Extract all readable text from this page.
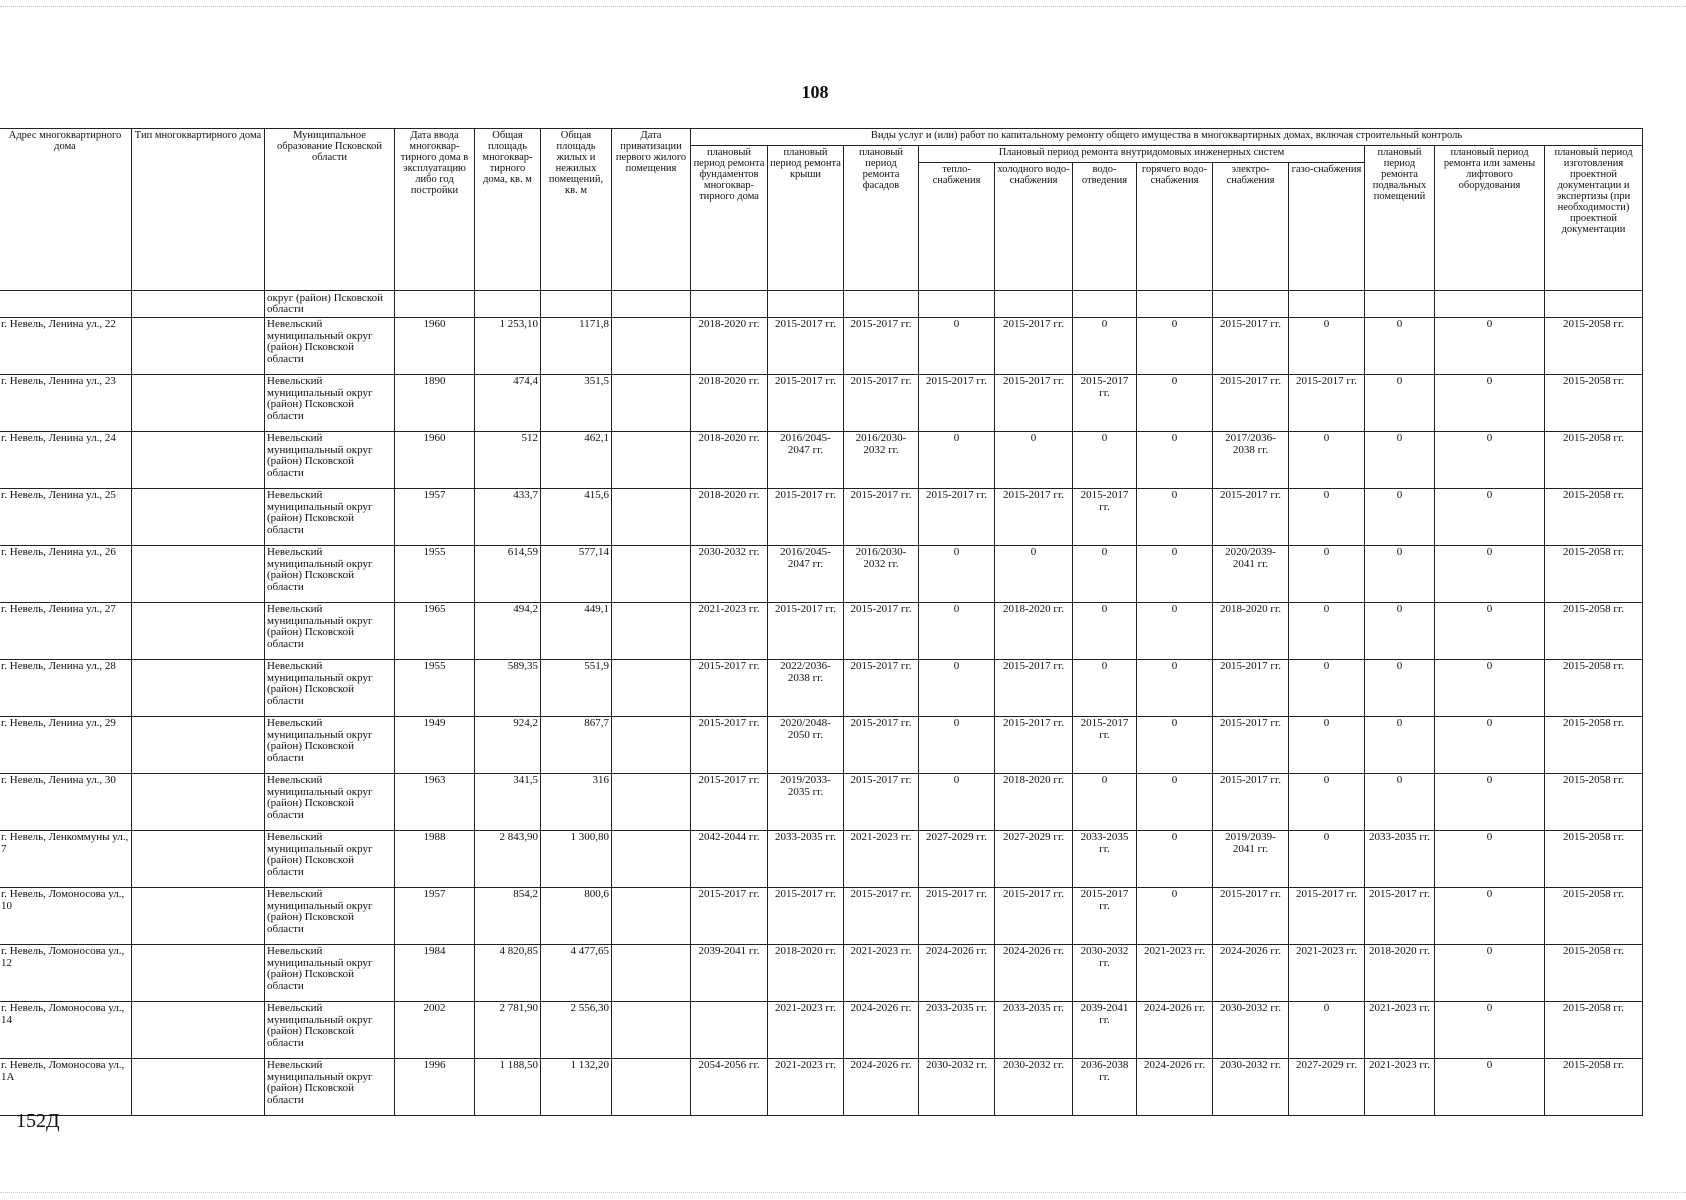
108
Адрес многоквартирного дома	Тип многоквартирного дома	Муниципальное образование Псковской области	Дата ввода многоквар-тирного дома в эксплуатацию либо год постройки	Общая площадь многоквар-тирного дома, кв. м	Общая площадь жилых и нежилых помещений, кв. м	Дата приватизации первого жилого помещения	Виды услуг и (или) работ по капитальному ремонту общего имущества в многоквартирных домах, включая строительный контроль											
							плановый период ремонта фундаментов многоквар-тирного дома	плановый период ремонта крыши	плановый период ремонта фасадов	Плановый период ремонта внутридомовых инженерных систем						плановый период ремонта подвальных помещений	плановый период ремонта или замены лифтового оборудования	плановый период изготовления проектной документации и экспертизы (при необходимости) проектной документации
										тепло-снабжения	холодного водо-снабжения	водо-отведения	горячего водо-снабжения	электро-снабжения	газо-снабжения			
		округ (район) Псковской области																
г. Невель, Ленина ул., 22		Невельский муниципальный округ (район) Псковской области	1960	1 253,10	1171,8		2018-2020 гг.	2015-2017 гг.	2015-2017 гг.	0	2015-2017 гг.	0	0	2015-2017 гг.	0	0	0	2015-2058 гг.
г. Невель, Ленина ул., 23		Невельский муниципальный округ (район) Псковской области	1890	474,4	351,5		2018-2020 гг.	2015-2017 гг.	2015-2017 гг.	2015-2017 гг.	2015-2017 гг.	2015-2017 гг.	0	2015-2017 гг.	2015-2017 гг.	0	0	2015-2058 гг.
г. Невель, Ленина ул., 24		Невельский муниципальный округ (район) Псковской области	1960	512	462,1		2018-2020 гг.	2016/2045-2047 гг.	2016/2030-2032 гг.	0	0	0	0	2017/2036-2038 гг.	0	0	0	2015-2058 гг.
г. Невель, Ленина ул., 25		Невельский муниципальный округ (район) Псковской области	1957	433,7	415,6		2018-2020 гг.	2015-2017 гг.	2015-2017 гг.	2015-2017 гг.	2015-2017 гг.	2015-2017 гг.	0	2015-2017 гг.	0	0	0	2015-2058 гг.
г. Невель, Ленина ул., 26		Невельский муниципальный округ (район) Псковской области	1955	614,59	577,14		2030-2032 гг.	2016/2045-2047 гг.	2016/2030-2032 гг.	0	0	0	0	2020/2039-2041 гг.	0	0	0	2015-2058 гг.
г. Невель, Ленина ул., 27		Невельский муниципальный округ (район) Псковской области	1965	494,2	449,1		2021-2023 гг.	2015-2017 гг.	2015-2017 гг.	0	2018-2020 гг.	0	0	2018-2020 гг.	0	0	0	2015-2058 гг.
г. Невель, Ленина ул., 28		Невельский муниципальный округ (район) Псковской области	1955	589,35	551,9		2015-2017 гг.	2022/2036-2038 гг.	2015-2017 гг.	0	2015-2017 гг.	0	0	2015-2017 гг.	0	0	0	2015-2058 гг.
г. Невель, Ленина ул., 29		Невельский муниципальный округ (район) Псковской области	1949	924,2	867,7		2015-2017 гг.	2020/2048-2050 гг.	2015-2017 гг.	0	2015-2017 гг.	2015-2017 гг.	0	2015-2017 гг.	0	0	0	2015-2058 гг.
г. Невель, Ленина ул., 30		Невельский муниципальный округ (район) Псковской области	1963	341,5	316		2015-2017 гг.	2019/2033-2035 гг.	2015-2017 гг.	0	2018-2020 гг.	0	0	2015-2017 гг.	0	0	0	2015-2058 гг.
г. Невель, Ленкоммуны ул., 7		Невельский муниципальный округ (район) Псковской области	1988	2 843,90	1 300,80		2042-2044 гг.	2033-2035 гг.	2021-2023 гг.	2027-2029 гг.	2027-2029 гг.	2033-2035 гг.	0	2019/2039-2041 гг.	0	2033-2035 гг.	0	2015-2058 гг.
г. Невель, Ломоносова ул., 10		Невельский муниципальный округ (район) Псковской области	1957	854,2	800,6		2015-2017 гг.	2015-2017 гг.	2015-2017 гг.	2015-2017 гг.	2015-2017 гг.	2015-2017 гг.	0	2015-2017 гг.	2015-2017 гг.	2015-2017 гг.	0	2015-2058 гг.
г. Невель, Ломоносова ул., 12		Невельский муниципальный округ (район) Псковской области	1984	4 820,85	4 477,65		2039-2041 гг.	2018-2020 гг.	2021-2023 гг.	2024-2026 гг.	2024-2026 гг.	2030-2032 гг.	2021-2023 гг.	2024-2026 гг.	2021-2023 гг.	2018-2020 гг.	0	2015-2058 гг.
г. Невель, Ломоносова ул., 14		Невельский муниципальный округ (район) Псковской области	2002	2 781,90	2 556,30			2021-2023 гг.	2024-2026 гг.	2033-2035 гг.	2033-2035 гг.	2039-2041 гг.	2024-2026 гг.	2030-2032 гг.	0	2021-2023 гг.	0	2015-2058 гг.
г. Невель, Ломоносова ул., 1А		Невельский муниципальный округ (район) Псковской области	1996	1 188,50	1 132,20		2054-2056 гг.	2021-2023 гг.	2024-2026 гг.	2030-2032 гг.	2030-2032 гг.	2036-2038 гг.	2024-2026 гг.	2030-2032 гг.	2027-2029 гг.	2021-2023 гг.	0	2015-2058 гг.
152Д
